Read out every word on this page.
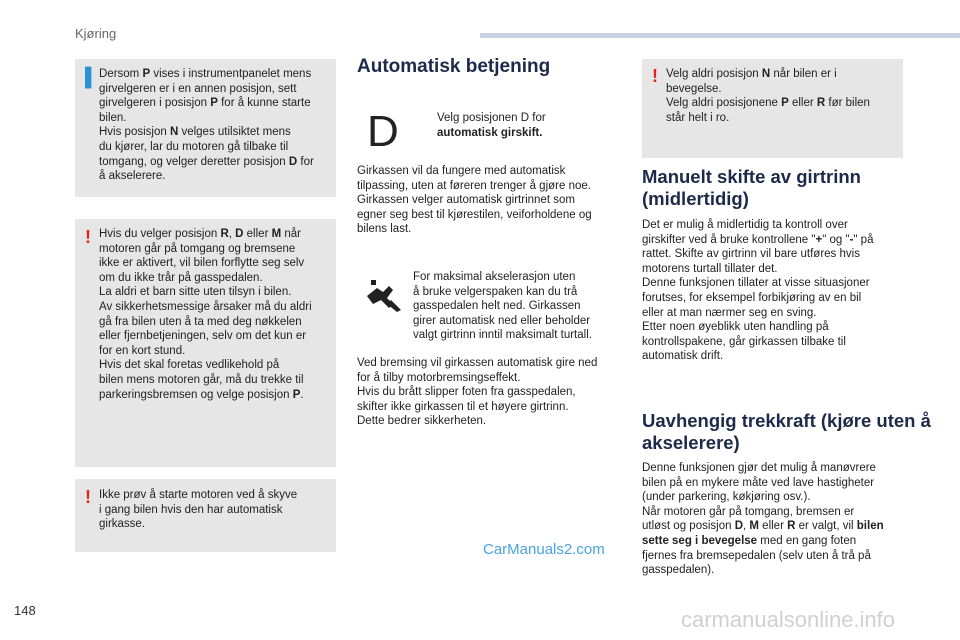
Kjøring
▌ Dersom P vises i instrumentpanelet mens

girvelgeren er i en annen posisjon, sett

girvelgeren i posisjon P for å kunne starte

bilen.

Hvis posisjon N velges utilsiktet mens

du kjører, lar du motoren gå tilbake til

tomgang, og velger deretter posisjon D for

å akselerere.

! Hvis du velger posisjon R, D eller M når

motoren går på tomgang og bremsene

ikke er aktivert, vil bilen forflytte seg selv

om du ikke trår på gasspedalen.

La aldri et barn sitte uten tilsyn i bilen.

Av sikkerhetsmessige årsaker må du aldri

gå fra bilen uten å ta med deg nøkkelen

eller fjernbetjeningen, selv om det kun er

for en kort stund.

Hvis det skal foretas vedlikehold på

bilen mens motoren går, må du trekke til

parkeringsbremsen og velge posisjon P.

! Ikke prøv å starte motoren ved å skyve

i gang bilen hvis den har automatisk

girkasse.

Automatisk betjening
D	Velg posisjonen D for
automatisk girskift.
Girkassen vil da fungere med automatisk
tilpassing, uten at føreren trenger å gjøre noe.
Girkassen velger automatisk girtrinnet som
egner seg best til kjørestilen, veiforholdene og
bilens last.
For maksimal akselerasjon uten
å bruke velgerspaken kan du trå
gasspedalen helt ned. Girkassen
girer automatisk ned eller beholder
valgt girtrinn inntil maksimalt turtall.
Ved bremsing vil girkassen automatisk gire ned
for å tilby motorbremsingseffekt.
Hvis du brått slipper foten fra gasspedalen,
skifter ikke girkassen til et høyere girtrinn.
Dette bedrer sikkerheten.
! Velg aldri posisjon N når bilen er i

bevegelse.

Velg aldri posisjonene P eller R før bilen

står helt i ro.

Manuelt skifte av girtrinn (midlertidig)
Det er mulig å midlertidig ta kontroll over
girskifter ved å bruke kontrollene "+" og "-" på
rattet. Skifte av girtrinn vil bare utføres hvis
motorens turtall tillater det.
Denne funksjonen tillater at visse situasjoner
forutses, for eksempel forbikjøring av en bil
eller at man nærmer seg en sving.
Etter noen øyeblikk uten handling på
kontrollspakene, går girkassen tilbake til
automatisk drift.
Uavhengig trekkraft (kjøre uten å akselerere)
Denne funksjonen gjør det mulig å manøvrere
bilen på en mykere måte ved lave hastigheter
(under parkering, køkjøring osv.).
Når motoren går på tomgang, bremsen er
utløst og posisjon D, M eller R er valgt, vil bilen
sette seg i bevegelse med en gang foten
fjernes fra bremsepedalen (selv uten å trå på
gasspedalen).
CarManuals2.com
carmanualsonline.info
148
